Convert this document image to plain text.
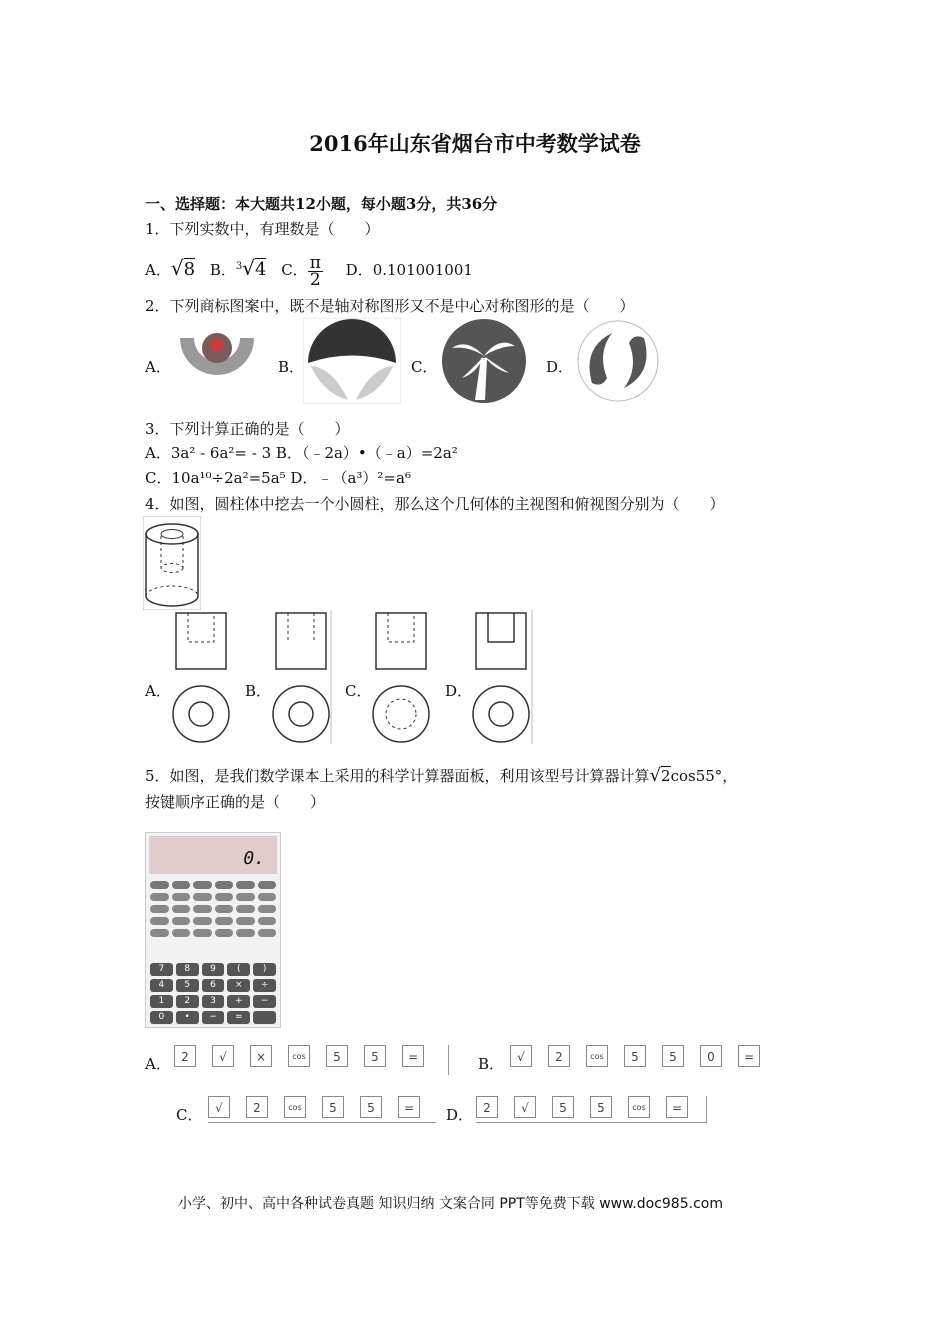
2016年山东省烟台市中考数学试卷
一、选择题：本大题共12小题，每小题3分，共36分
1．下列实数中，有理数是（　　）
A．√8 B．$^3$√4 C． $\frac{\pi}{2}$ D．0.101001001
2．下列商标图案中，既不是轴对称图形又不是中心对称图形的是（　　）
A．	B．	C．	D．
3．下列计算正确的是（　　）
A．3a² - 6a²= - 3 B．（﹣2a）•（﹣a）=2a²
C．10a¹⁰÷2a²=5a⁵ D．﹣（a³）²=a⁶
4．如图，圆柱体中挖去一个小圆柱，那么这个几何体的主视图和俯视图分别为（　　）
A．	B．	C．	D．
5．如图，是我们数学课本上采用的科学计算器面板，利用该型号计算器计算√2cos55°，
按键顺序正确的是（　　）
0.
7	8	9	(	)
4	5	6	×	÷
1	2	3	+	−
0	•	−	=
A． 2	√ ×	cos 5	5 =	B．	√	2	cos 5	5	0 =
C．	√	2	cos 5	5 =	D． 2	√	5	5	cos =
小学、初中、高中各种试卷真题 知识归纳 文案合同 PPT等免费下载 www.doc985.com
